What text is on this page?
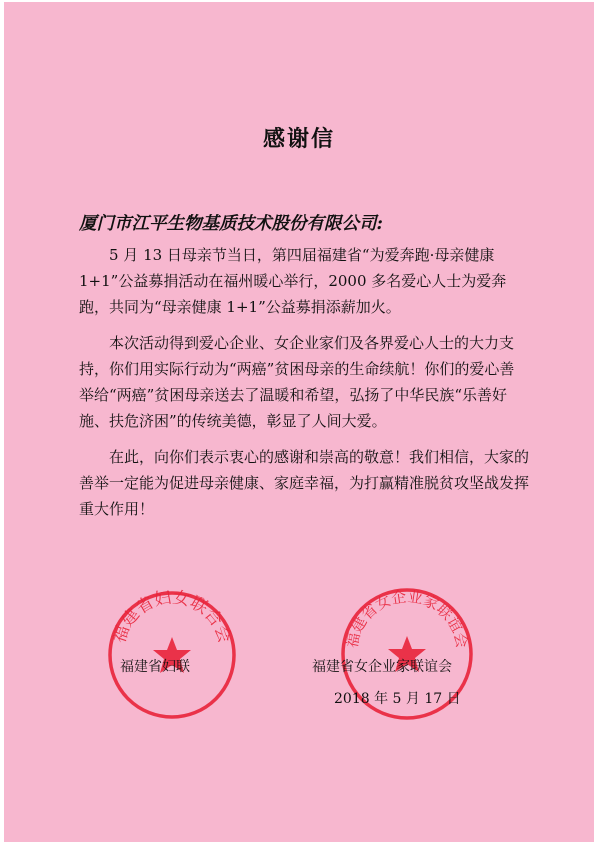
感谢信
厦门市江平生物基质技术股份有限公司:

5 月 13 日母亲节当日，第四届福建省“为爱奔跑·母亲健康 1+1”公益募捐活动在福州暖心举行，2000 多名爱心人士为爱奔跑，共同为“母亲健康 1+1”公益募捐添薪加火。

本次活动得到爱心企业、女企业家们及各界爱心人士的大力支持，你们用实际行动为“两癌”贫困母亲的生命续航！你们的爱心善举给“两癌”贫困母亲送去了温暖和希望，弘扬了中华民族“乐善好施、扶危济困”的传统美德，彰显了人间大爱。

在此，向你们表示衷心的感谢和崇高的敬意！我们相信，大家的善举一定能为促进母亲健康、家庭幸福，为打赢精准脱贫攻坚战发挥重大作用！

福建省妇女联合会	福建省女企业家联谊会
福建省妇联	福建省女企业家联谊会
2018 年 5 月 17 日
